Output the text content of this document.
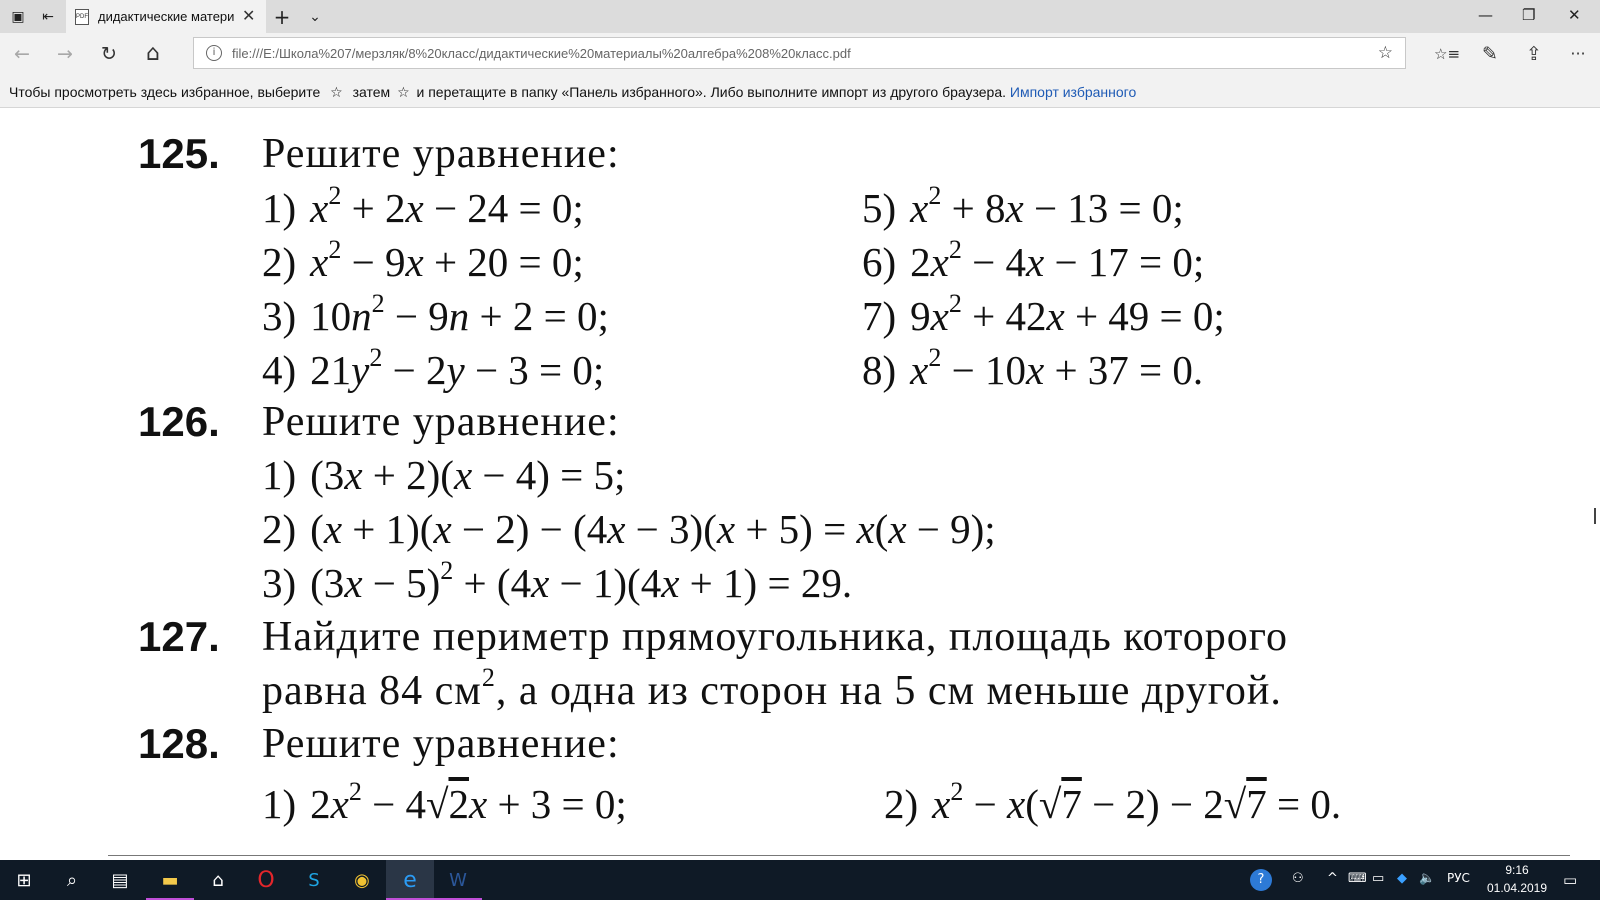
▣ ⇤	PDF дидактические матери ✕ + ⌄	— ❐ ✕
← → ↻ ⌂	i	file:///E:/Школа%207/мерзляк/8%20класс/дидактические%20материалы%20алгебра%208%20класс.pdf	☆	☆≡ ✎ ⇪ ···
Чтобы просмотреть здесь избранное, выберите ☆ затем ☆ и перетащите в папку «Панель избранного». Либо выполните импорт из другого браузера. Импорт избранного
125. Решите уравнение:
126. Решите уравнение:
1) (3x + 2)(x − 4) = 5;
2) (x + 1)(x − 2) − (4x − 3)(x + 5) = x(x − 9);
3) $(3x - 5)^2 + (4x - 1)(4x + 1) = 29$.
127. Найдите периметр прямоугольника, площадь которого
равна 84 $см^2$, а одна из сторон на 5 см меньше другой.
128. Решите уравнение:
1) $2x^2 - 4√2x + 3 = 0$;	2) $x^2 - x(√7 - 2) - 2√7 = 0$.
1) $x^2 + 2x - 24 = 0$;
2) $x^2 - 9x + 20 = 0$;
3) $10n^2 - 9n + 2 = 0$;
4) $21y^2 - 2y - 3 = 0$;
5) $x^2 + 8x - 13 = 0$;
6) $2x^2 - 4x - 17 = 0$;
7) $9x^2 + 42x + 49 = 0$;
8) $x^2 - 10x + 37 = 0$.
⊞	⌕	▤	▬	⌂	O	S	◉	e	W	?	⚇ ^ ⌨ ▭ ◆ 🔈 РУС
9:16
01.04.2019	▭
